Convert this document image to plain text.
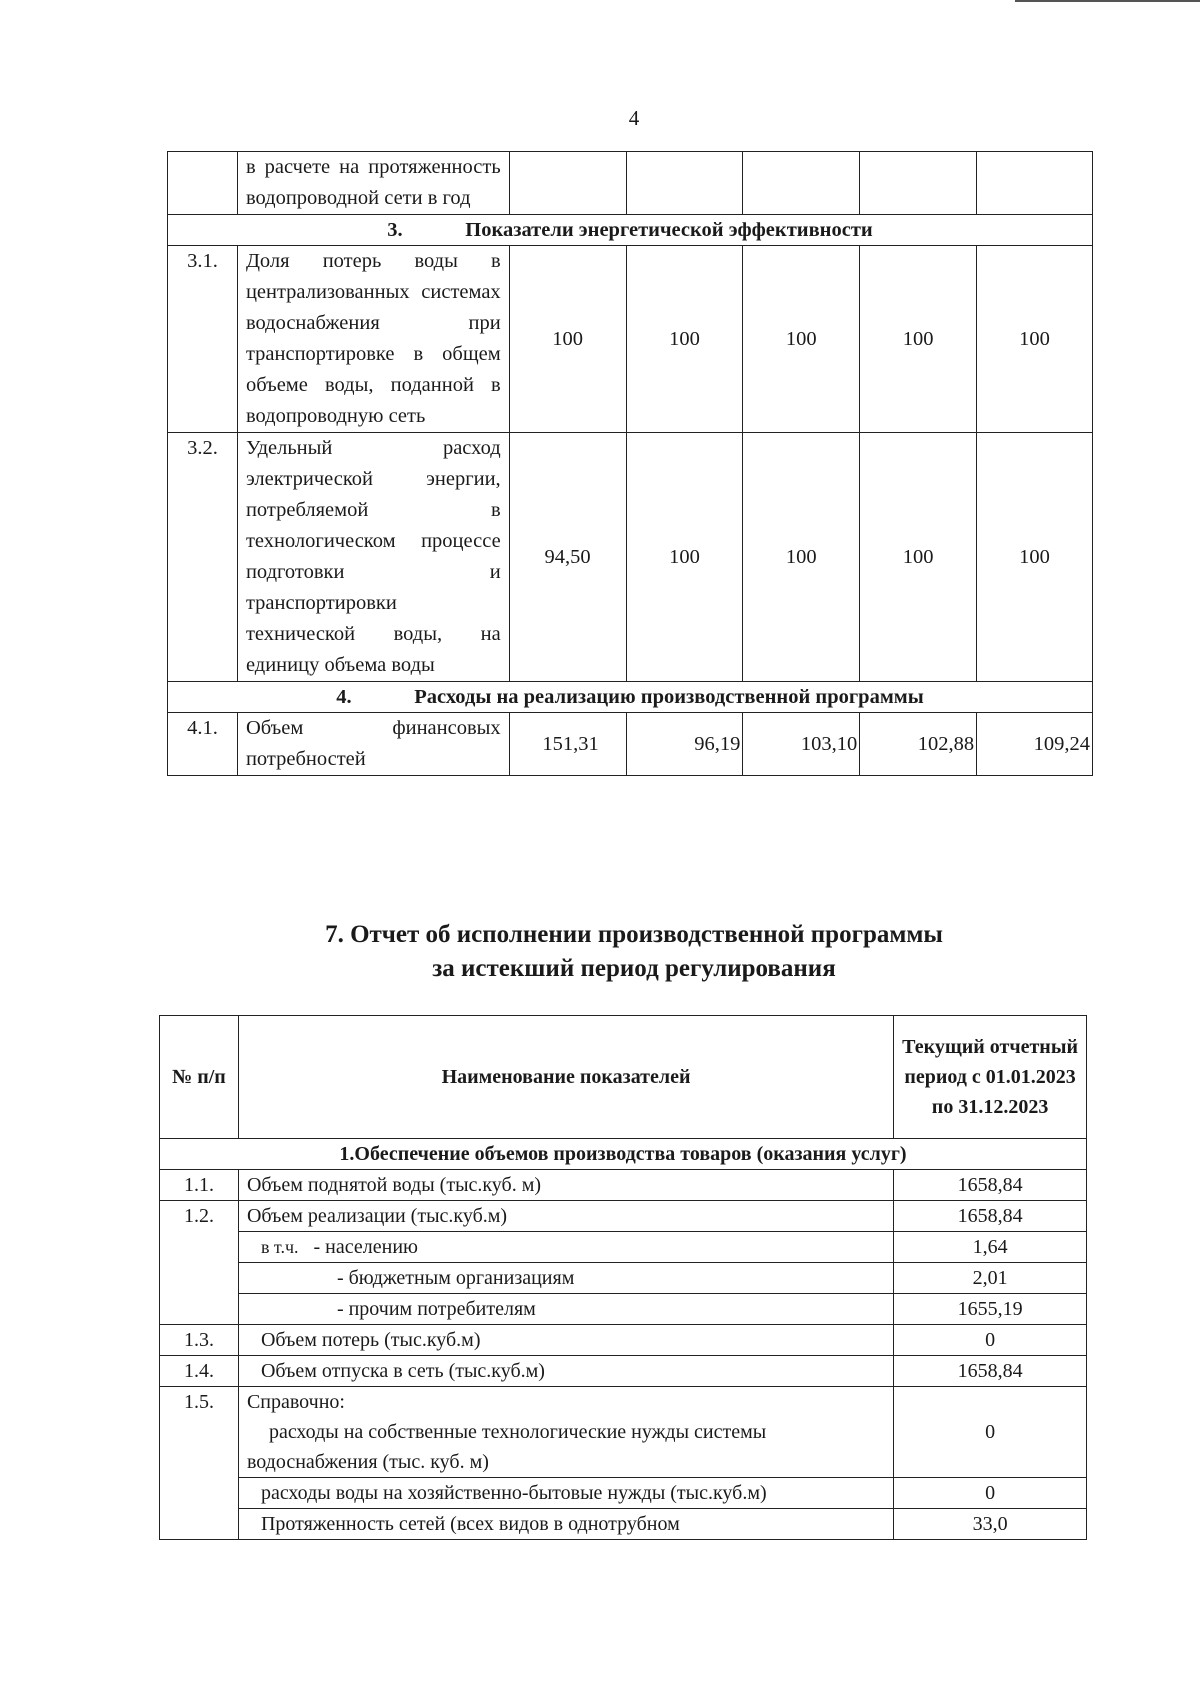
4
	в расчете на протяженность водопроводной сети в год					
3. Показатели энергетической эффективности						
3.1.	Доля потерь воды в централизованных системах водоснабжения при транспортировке в общем объеме воды, поданной в водопроводную сеть	100	100	100	100	100
3.2.	Удельный расход электрической энергии, потребляемой в технологическом процессе подготовки и транспортировки технической воды, на единицу объема воды	94,50	100	100	100	100
4. Расходы на реализацию производственной программы						
4.1.	Объем финансовых потребностей	151,31	96,19	103,10	102,88	109,24
7. Отчет об исполнении производственной программы
за истекший период регулирования
№ п/п	Наименование показателей	Текущий отчетный период с 01.01.2023 по 31.12.2023
1.Обеспечение объемов производства товаров (оказания услуг)		
1.1.	Объем поднятой воды (тыс.куб. м)	1658,84
1.2.	Объем реализации (тыс.куб.м)	1658,84
	в т.ч. - населению	1,64
	- бюджетным организациям	2,01
	- прочим потребителям	1655,19
1.3.	Объем потерь (тыс.куб.м)	0
1.4.	Объем отпуска в сеть (тыс.куб.м)	1658,84
1.5.	Справочно:
расходы на собственные технологические нужды системы
водоснабжения (тыс. куб. м)	0
	расходы воды на хозяйственно-бытовые нужды (тыс.куб.м)	0
	Протяженность сетей (всех видов в однотрубном	33,0
